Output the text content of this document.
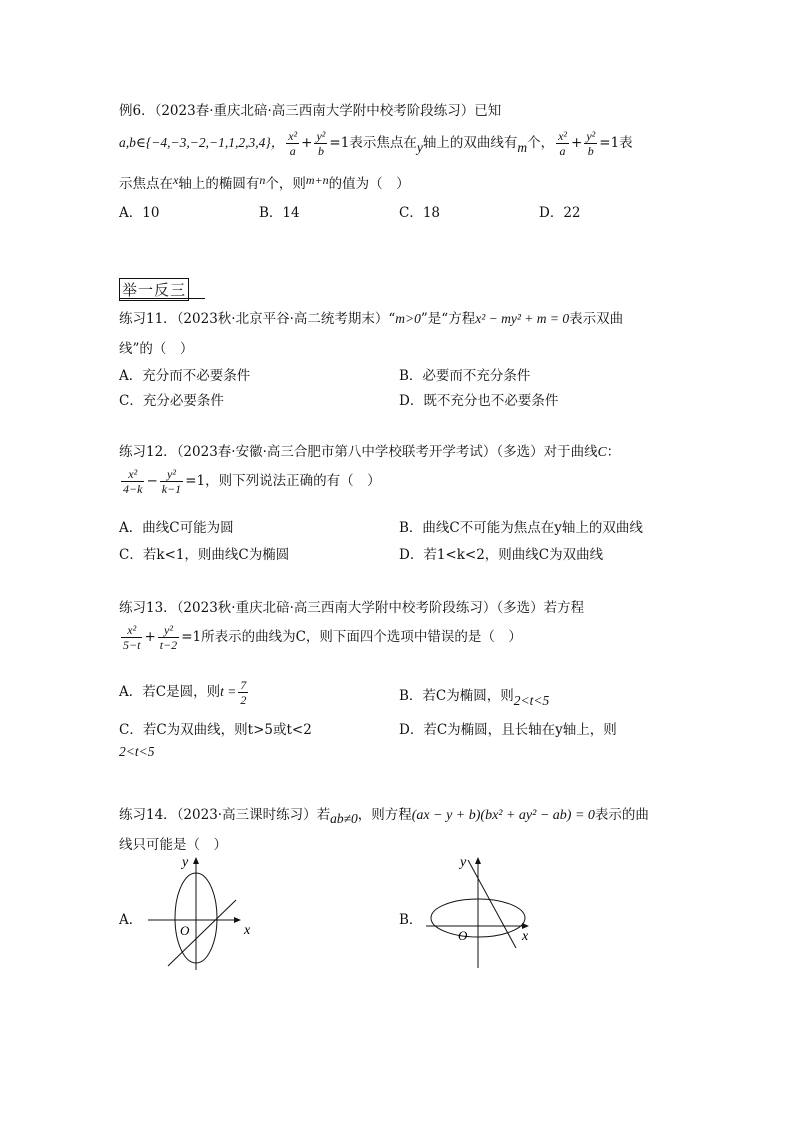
例6．（2023春·重庆北碚·高三西南大学附中校考阶段练习）已知
a,b∈{−4,−3,−2,−1,1,2,3,4}， $\frac{\text{x²}}{a} + \frac{\text{y²}}{b} =1$表示焦点在y轴上的双曲线有m个， $\frac{\text{x²}}{a} + \frac{\text{y²}}{b} =1$表
示焦点在x轴上的椭圆有n个，则m+n的值为（　）
A．10	B．14	C．18	D．22
举一反三
练习11．（2023秋·北京平谷·高二统考期末）“m>0”是“方程x² − my² + m = 0表示双曲
线”的（　）
A．充分而不必要条件	B．必要而不充分条件
C．充分必要条件	D．既不充分也不必要条件
练习12．（2023春·安徽·高三合肥市第八中学校联考开学考试）（多选）对于曲线C：
$\frac{\text{x²}}{4-k} - \frac{\text{y²}}{k-1} =1$，则下列说法正确的有（　）
A．曲线C可能为圆	B．曲线C不可能为焦点在y轴上的双曲线
C．若k<1，则曲线C为椭圆	D．若1<k<2，则曲线C为双曲线
练习13．（2023秋·重庆北碚·高三西南大学附中校考阶段练习）（多选）若方程
$\frac{\text{x²}}{5-t} + \frac{\text{y²}}{t-2} =1$所表示的曲线为C，则下面四个选项中错误的是（　）
A．若C是圆，则$t = \frac{7}{2}$	B．若C为椭圆，则2<t<5
C．若C为双曲线，则t>5或t<2	D．若C为椭圆，且长轴在y轴上，则
2<t<5
练习14．（2023·高三课时练习）若ab≠0，则方程(ax − y + b)(bx² + ay² − ab) = 0表示的曲
线只可能是（　）
A．
x
y
O
B．
x
y
O
